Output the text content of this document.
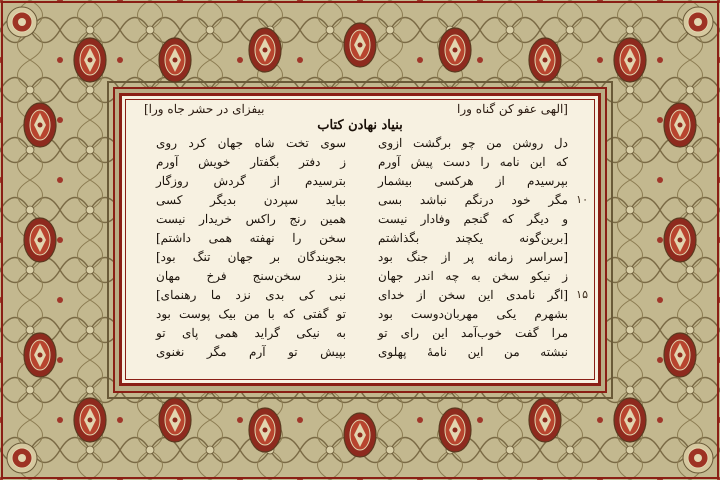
[الهی عفو کن گناه ورا
بیفزای در حشر جاه ورا]
بنیاد نهادن کتاب
دل روشن من چو برگشت ازوی
سوی تخت شاه جهان کرد روی
که این نامه را دست پیش آورم
ز دفتر بگفتار خویش آورم
بپرسیدم از هرکسی بیشمار
بترسیدم از گردش روزگار
مگر خود درنگم نباشد بسی
بباید سپردن بدیگر کسی
و دیگر که گنجم وفادار نیست
همین رنج راکس خریدار نیست
[برین‌گونه یکچند بگذاشتم
سخن را نهفته همی داشتم]
[سراسر زمانه پر از جنگ بود
بجویندگان بر جهان تنگ بود]
ز نیکو سخن به چه اندر جهان
بنزد سخن‌سنج فرخ مهان
[اگر نامدی این سخن از خدای
نبی کی بدی نزد ما رهنمای]
بشهرم یکی مهربان‌دوست بود
تو گفتی که با من بیک پوست بود
مرا گفت خوب‌آمد این رای تو
به نیکی گراید همی پای تو
نبشته من این نامهٔ پهلوی
بپیش تو آرم مگر نغنوی
۱۰
۱۵
